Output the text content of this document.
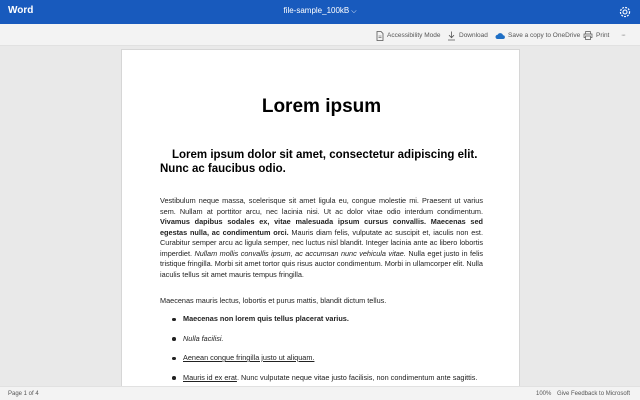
Word	file-sample_100kB ⌵
Accessibility Mode	Download	Save a copy to OneDrive Print ···
Lorem ipsum
Lorem ipsum dolor sit amet, consectetur adipiscing elit. Nunc ac faucibus odio.

Vestibulum neque massa, scelerisque sit amet ligula eu, congue molestie mi. Praesent ut varius sem. Nullam at porttitor arcu, nec lacinia nisi. Ut ac dolor vitae odio interdum condimentum. Vivamus dapibus sodales ex, vitae malesuada ipsum cursus convallis. Maecenas sed egestas nulla, ac condimentum orci. Mauris diam felis, vulputate ac suscipit et, iaculis non est. Curabitur semper arcu ac ligula semper, nec luctus nisl blandit. Integer lacinia ante ac libero lobortis imperdiet. Nullam mollis convallis ipsum, ac accumsan nunc vehicula vitae. Nulla eget justo in felis tristique fringilla. Morbi sit amet tortor quis risus auctor condimentum. Morbi in ullamcorper elit. Nulla iaculis tellus sit amet mauris tempus fringilla.

Maecenas mauris lectus, lobortis et purus mattis, blandit dictum tellus.

Maecenas non lorem quis tellus placerat varius.
Nulla facilisi.
Aenean congue fringilla justo ut aliquam.
Mauris id ex erat. Nunc vulputate neque vitae justo facilisis, non condimentum ante sagittis.
Page 1 of 4	100% Give Feedback to Microsoft
